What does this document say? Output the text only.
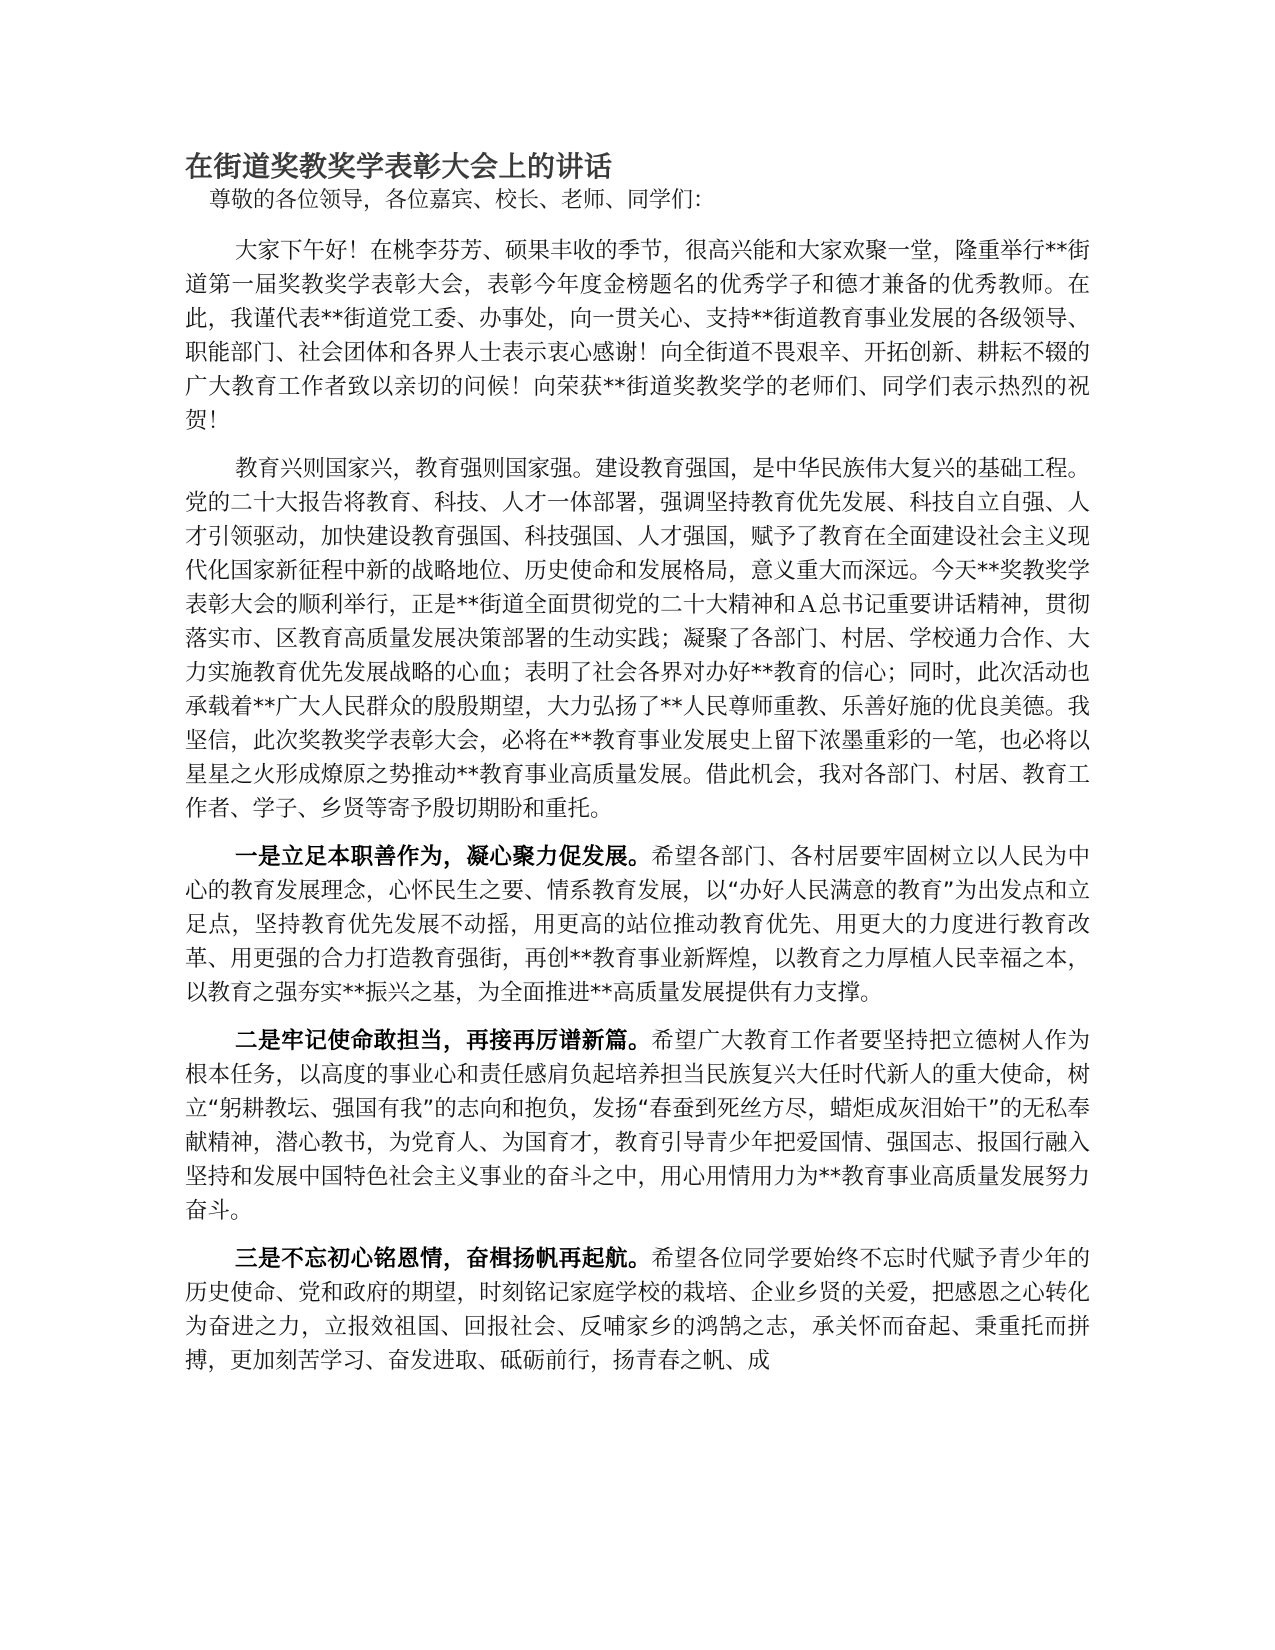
在街道奖教奖学表彰大会上的讲话

尊敬的各位领导，各位嘉宾、校长、老师、同学们：

大家下午好！在桃李芬芳、硕果丰收的季节，很高兴能和大家欢聚一堂，隆重举行**街道第一届奖教奖学表彰大会，表彰今年度金榜题名的优秀学子和德才兼备的优秀教师。在此，我谨代表**街道党工委、办事处，向一贯关心、支持**街道教育事业发展的各级领导、职能部门、社会团体和各界人士表示衷心感谢！向全街道不畏艰辛、开拓创新、耕耘不辍的广大教育工作者致以亲切的问候！向荣获**街道奖教奖学的老师们、同学们表示热烈的祝贺！

教育兴则国家兴，教育强则国家强。建设教育强国，是中华民族伟大复兴的基础工程。党的二十大报告将教育、科技、人才一体部署，强调坚持教育优先发展、科技自立自强、人才引领驱动，加快建设教育强国、科技强国、人才强国，赋予了教育在全面建设社会主义现代化国家新征程中新的战略地位、历史使命和发展格局，意义重大而深远。今天**奖教奖学表彰大会的顺利举行，正是**街道全面贯彻党的二十大精神和Ａ总书记重要讲话精神，贯彻落实市、区教育高质量发展决策部署的生动实践；凝聚了各部门、村居、学校通力合作、大力实施教育优先发展战略的心血；表明了社会各界对办好**教育的信心；同时，此次活动也承载着**广大人民群众的殷殷期望，大力弘扬了**人民尊师重教、乐善好施的优良美德。我坚信，此次奖教奖学表彰大会，必将在**教育事业发展史上留下浓墨重彩的一笔，也必将以星星之火形成燎原之势推动**教育事业高质量发展。借此机会，我对各部门、村居、教育工作者、学子、乡贤等寄予殷切期盼和重托。

一是立足本职善作为，凝心聚力促发展。希望各部门、各村居要牢固树立以人民为中心的教育发展理念，心怀民生之要、情系教育发展，以“办好人民满意的教育”为出发点和立足点，坚持教育优先发展不动摇，用更高的站位推动教育优先、用更大的力度进行教育改革、用更强的合力打造教育强街，再创**教育事业新辉煌，以教育之力厚植人民幸福之本，以教育之强夯实**振兴之基，为全面推进**高质量发展提供有力支撑。

二是牢记使命敢担当，再接再厉谱新篇。希望广大教育工作者要坚持把立德树人作为根本任务，以高度的事业心和责任感肩负起培养担当民族复兴大任时代新人的重大使命，树立“躬耕教坛、强国有我”的志向和抱负，发扬“春蚕到死丝方尽，蜡炬成灰泪始干”的无私奉献精神，潜心教书，为党育人、为国育才，教育引导青少年把爱国情、强国志、报国行融入坚持和发展中国特色社会主义事业的奋斗之中，用心用情用力为**教育事业高质量发展努力奋斗。

三是不忘初心铭恩情，奋楫扬帆再起航。希望各位同学要始终不忘时代赋予青少年的历史使命、党和政府的期望，时刻铭记家庭学校的栽培、企业乡贤的关爱，把感恩之心转化为奋进之力，立报效祖国、回报社会、反哺家乡的鸿鹄之志，承关怀而奋起、秉重托而拼搏，更加刻苦学习、奋发进取、砥砺前行，扬青春之帆、成
